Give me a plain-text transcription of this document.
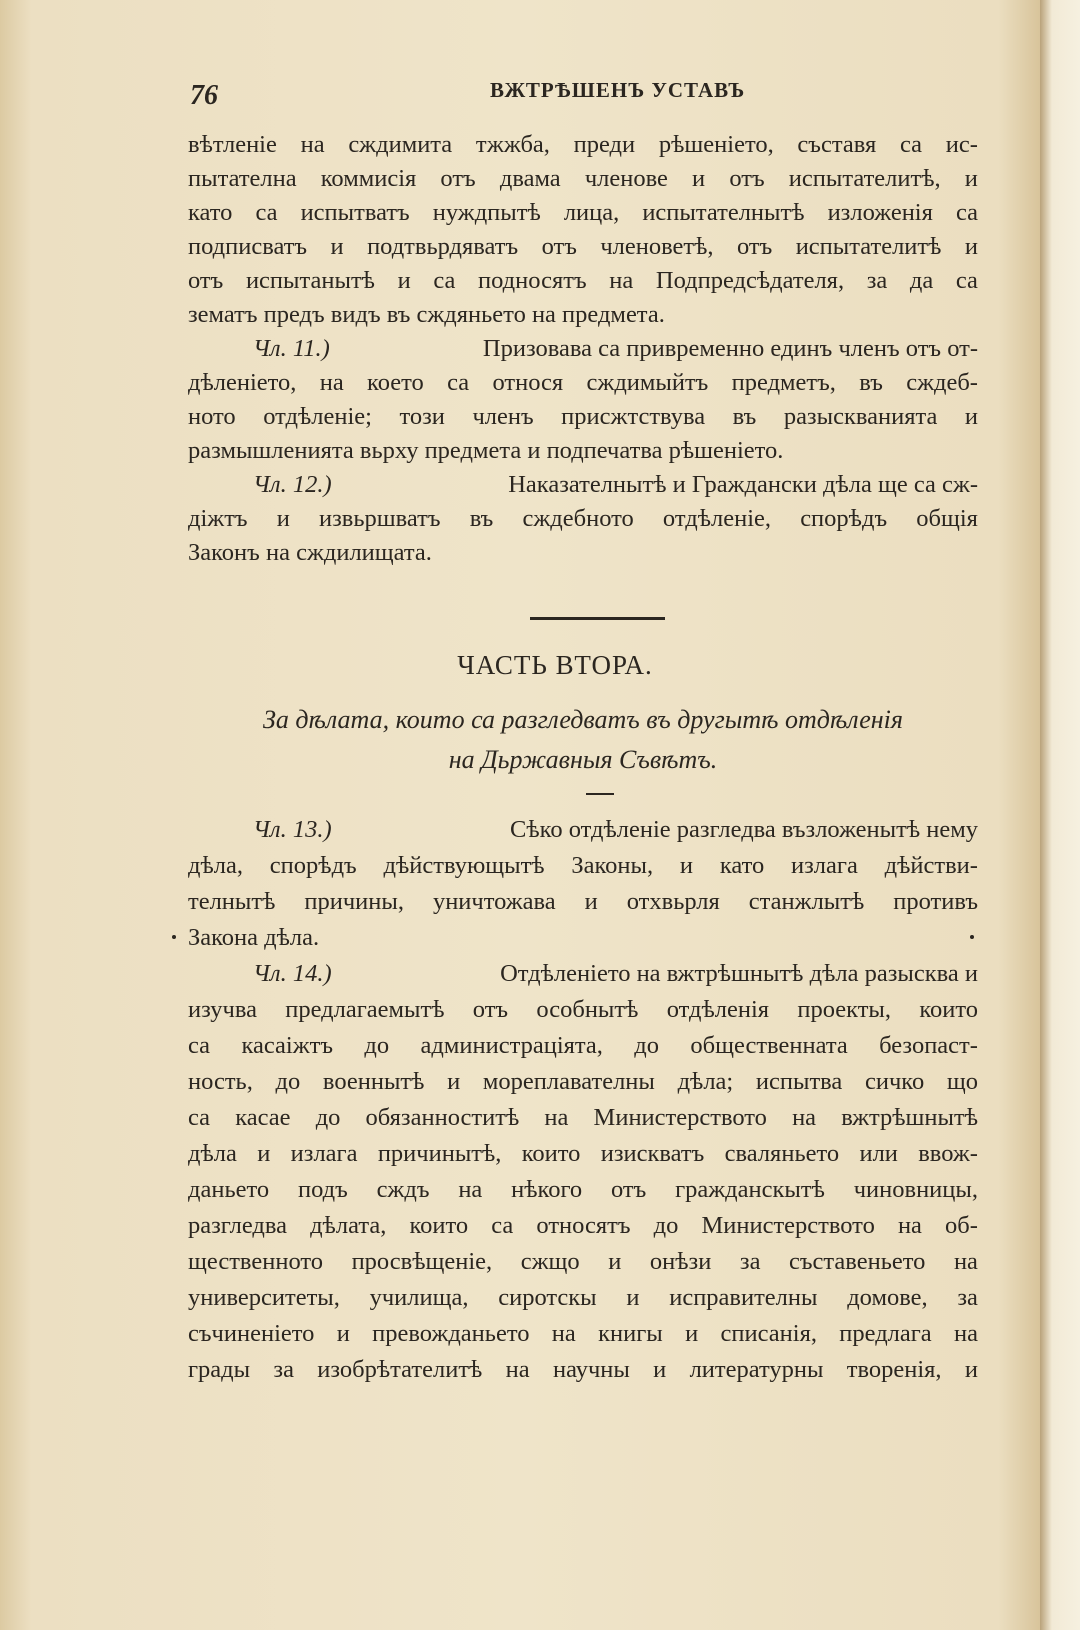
76	ВЖТРѢШЕНЪ УСТАВЪ
вѣтленіе на сждимита тжжба, преди рѣшеніето, съставя са ис-
пытателна коммисія отъ двама членове и отъ испытателитѣ, и
като са испытватъ нуждпытѣ лица, испытателнытѣ изложенія са
подписватъ и подтвьрдяватъ отъ членоветѣ, отъ испытателитѣ и
отъ испытанытѣ и са подносятъ на Подпредсѣдателя, за да са
зематъ предъ видъ въ сждяньето на предмета.
Чл. 11.)	Призовава са привременно единъ членъ отъ от-
дѣленіето, на което са относя сждимыйтъ предметъ, въ сждеб-
ното отдѣленіе; този членъ присжтствува въ разыскванията и
размышленията вьрху предмета и подпечатва рѣшеніето.
Чл. 12.)	Наказателнытѣ и Граждански дѣла ще са сж-
дiжтъ и извьршватъ въ сждебното отдѣленіе, спорѣдъ общія
Законъ на сждилищата.
ЧАСТЬ ВТОРА.
За дѣлата, които са разгледватъ въ другытѣ отдѣленія
на Дьржавныя Съвѣтъ.
Чл. 13.)	Сѣко отдѣленіе разгледва възложенытѣ нему
дѣла, спорѣдъ дѣйствующытѣ Законы, и като излага дѣйстви-
телнытѣ причины, уничтожава и отхвьрля станжлытѣ противъ
Закона дѣла.
Чл. 14.)	Отдѣленіето на вжтрѣшнытѣ дѣла разысква и
изучва предлагаемытѣ отъ особнытѣ отдѣленія проекты, които
са касаiжтъ до администраціята, до общественната безопаст-
ность, до военнытѣ и мореплавателны дѣла; испытва сичко що
са касае до обязанноститѣ на Министерството на вжтрѣшнытѣ
дѣла и излага причинытѣ, които изискватъ сваляньето или ввож-
даньето подъ сждъ на нѣкого отъ гражданскытѣ чиновницы,
разгледва дѣлата, които са относятъ до Министерството на об-
щественното просвѣщеніе, сжщо и онѣзи за съставеньето на
университеты, училища, сиротскы и исправителны домове, за
съчиненіето и превожданьето на книгы и списанія, предлага на
грады за изобрѣтателитѣ на научны и литературны творенія, и
